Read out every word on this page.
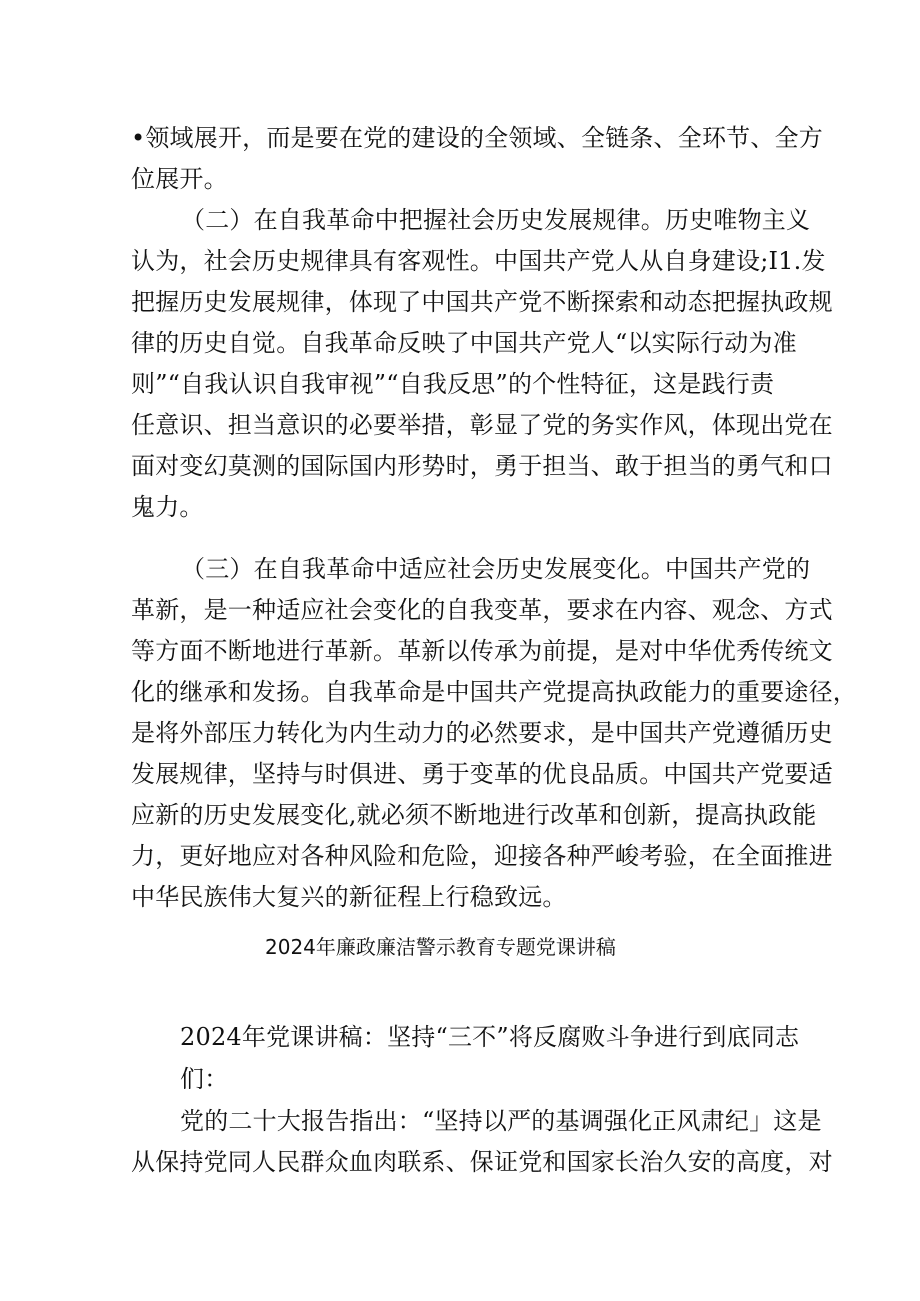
•领域展开，而是要在党的建设的全领域、全链条、全环节、全方
位展开。
（二）在自我革命中把握社会历史发展规律。历史唯物主义
认为，社会历史规律具有客观性。中国共产党人从自身建设;I1.发
把握历史发展规律，体现了中国共产党不断探索和动态把握执政规
律的历史自觉。自我革命反映了中国共产党人“以实际行动为准
则”“自我认识自我审视”“自我反思”的个性特征，这是践行责
任意识、担当意识的必要举措，彰显了党的务实作风，体现出党在
面对变幻莫测的国际国内形势时，勇于担当、敢于担当的勇气和口
鬼力。
（三）在自我革命中适应社会历史发展变化。中国共产党的
革新，是一种适应社会变化的自我变革，要求在内容、观念、方式
等方面不断地进行革新。革新以传承为前提，是对中华优秀传统文
化的继承和发扬。自我革命是中国共产党提高执政能力的重要途径，
是将外部压力转化为内生动力的必然要求，是中国共产党遵循历史
发展规律，坚持与时俱进、勇于变革的优良品质。中国共产党要适
应新的历史发展变化,就必须不断地进行改革和创新，提高执政能
力，更好地应对各种风险和危险，迎接各种严峻考验，在全面推进
中华民族伟大复兴的新征程上行稳致远。
2024年廉政廉洁警示教育专题党课讲稿
2024年党课讲稿：坚持“三不”将反腐败斗争进行到底同志
们：
党的二十大报告指出：“坚持以严的基调强化正风肃纪」这是
从保持党同人民群众血肉联系、保证党和国家长治久安的高度，对
